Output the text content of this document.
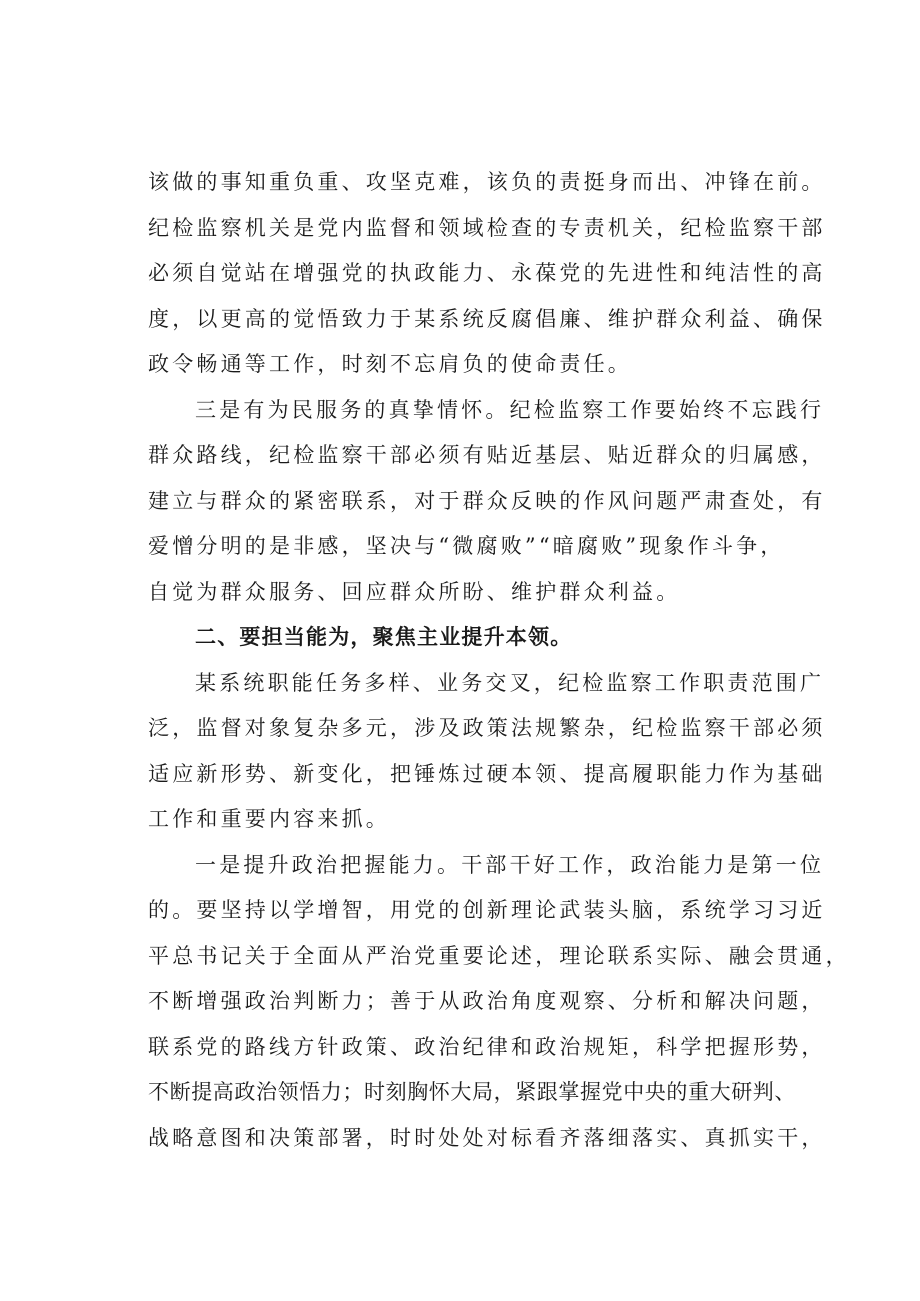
该做的事知重负重、攻坚克难，该负的责挺身而出、冲锋在前。
纪检监察机关是党内监督和领域检查的专责机关，纪检监察干部
必须自觉站在增强党的执政能力、永葆党的先进性和纯洁性的高
度，以更高的觉悟致力于某系统反腐倡廉、维护群众利益、确保
政令畅通等工作，时刻不忘肩负的使命责任。
三是有为民服务的真挚情怀。纪检监察工作要始终不忘践行
群众路线，纪检监察干部必须有贴近基层、贴近群众的归属感，
建立与群众的紧密联系，对于群众反映的作风问题严肃查处，有
爱憎分明的是非感，坚决与“微腐败”“暗腐败”现象作斗争，
自觉为群众服务、回应群众所盼、维护群众利益。
二、要担当能为，聚焦主业提升本领。
某系统职能任务多样、业务交叉，纪检监察工作职责范围广
泛，监督对象复杂多元，涉及政策法规繁杂，纪检监察干部必须
适应新形势、新变化，把锤炼过硬本领、提高履职能力作为基础
工作和重要内容来抓。
一是提升政治把握能力。干部干好工作，政治能力是第一位
的。要坚持以学增智，用党的创新理论武装头脑，系统学习习近
平总书记关于全面从严治党重要论述，理论联系实际、融会贯通，
不断增强政治判断力；善于从政治角度观察、分析和解决问题，
联系党的路线方针政策、政治纪律和政治规矩，科学把握形势，
不断提高政治领悟力；时刻胸怀大局，紧跟掌握党中央的重大研判、
战略意图和决策部署，时时处处对标看齐落细落实、真抓实干，
